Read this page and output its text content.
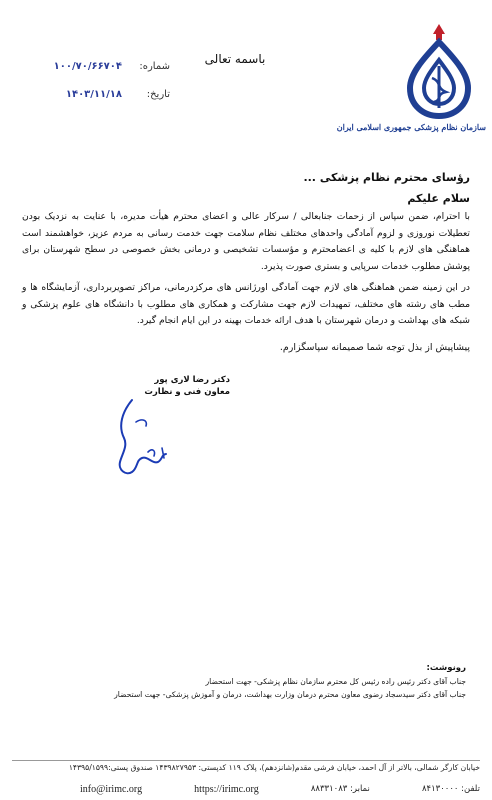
سازمان نظام پزشکی جمهوری اسلامی ایران
باسمه تعالی
شماره:
۱۰۰/۷۰/۶۶۷۰۴
تاریخ:
۱۴۰۳/۱۱/۱۸

رؤسای محترم نظام پزشکی ...

سلام علیکم

با احترام، ضمن سپاس از زحمات جنابعالی / سرکار عالی و اعضای محترم هیأت مدیره، با عنایت به نزدیک بودن تعطیلات نوروزی و لزوم آمادگی واحدهای مختلف نظام سلامت جهت خدمت رسانی به مردم عزیز، خواهشمند است هماهنگی های لازم با کلیه ی اعضامحترم و مؤسسات تشخیصی و درمانی بخش خصوصی در سطح شهرستان برای پوشش مطلوب خدمات سرپایی و بستری صورت پذیرد.

در این زمینه ضمن هماهنگی های لازم جهت آمادگی اورژانس های مرکزدرمانی، مراکز تصویربرداری، آزمایشگاه ها و مطب های رشته های مختلف، تمهیدات لازم جهت مشارکت و همکاری های مطلوب با دانشگاه های علوم پزشکی و شبکه های بهداشت و درمان شهرستان با هدف ارائه خدمات بهینه در این ایام انجام گیرد.

پیشاپیش از بذل توجه شما صمیمانه سپاسگزارم.
دکتر رضا لاری پور
معاون فنی و نظارت
رونوشت:
جناب آقای دکتر رئیس راده رئیس کل محترم سازمان نظام پزشکی- جهت استحضار
جناب آقای دکتر سیدسجاد رضوی معاون محترم درمان وزارت بهداشت، درمان و آموزش پزشکی- جهت استحضار
خیابان کارگر شمالی، بالاتر از آل احمد، خیابان فرشی مقدم(شانزدهم)، پلاک ۱۱۹ کدپستی: ۱۴۳۹۸۲۷۹۵۳ صندوق پستی:۱۴۳۹۵/۱۵۹۹
info@irimc.org	https://irimc.org	نمابر: ۸۸۳۳۱۰۸۳	تلفن: ۸۴۱۳۰۰۰۰
